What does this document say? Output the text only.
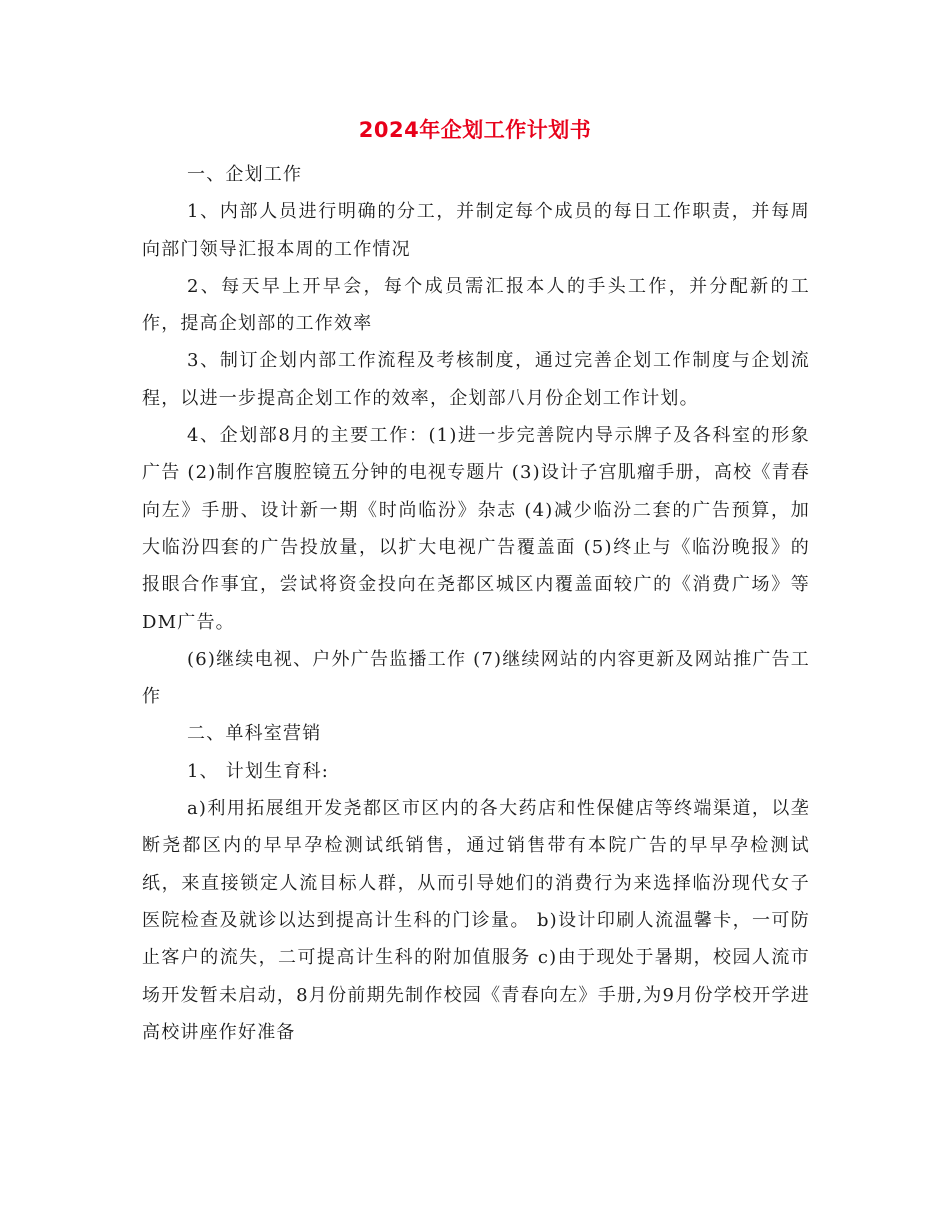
2024年企划工作计划书

一、企划工作

1、内部人员进行明确的分工，并制定每个成员的每日工作职责，并每周向部门领导汇报本周的工作情况

2、每天早上开早会，每个成员需汇报本人的手头工作，并分配新的工作，提高企划部的工作效率

3、制订企划内部工作流程及考核制度，通过完善企划工作制度与企划流程，以进一步提高企划工作的效率，企划部八月份企划工作计划。

4、企划部8月的主要工作：(1)进一步完善院内导示牌子及各科室的形象广告 (2)制作宫腹腔镜五分钟的电视专题片 (3)设计子宫肌瘤手册，高校《青春向左》手册、设计新一期《时尚临汾》杂志 (4)减少临汾二套的广告预算，加大临汾四套的广告投放量，以扩大电视广告覆盖面 (5)终止与《临汾晚报》的报眼合作事宜，尝试将资金投向在尧都区城区内覆盖面较广的《消费广场》等DM广告。

(6)继续电视、户外广告监播工作 (7)继续网站的内容更新及网站推广告工作

二、单科室营销

1、 计划生育科:

a)利用拓展组开发尧都区市区内的各大药店和性保健店等终端渠道，以垄断尧都区内的早早孕检测试纸销售，通过销售带有本院广告的早早孕检测试纸，来直接锁定人流目标人群，从而引导她们的消费行为来选择临汾现代女子医院检查及就诊以达到提高计生科的门诊量。 b)设计印刷人流温馨卡，一可防止客户的流失，二可提高计生科的附加值服务 c)由于现处于暑期，校园人流市场开发暂未启动，8月份前期先制作校园《青春向左》手册,为9月份学校开学进高校讲座作好准备
